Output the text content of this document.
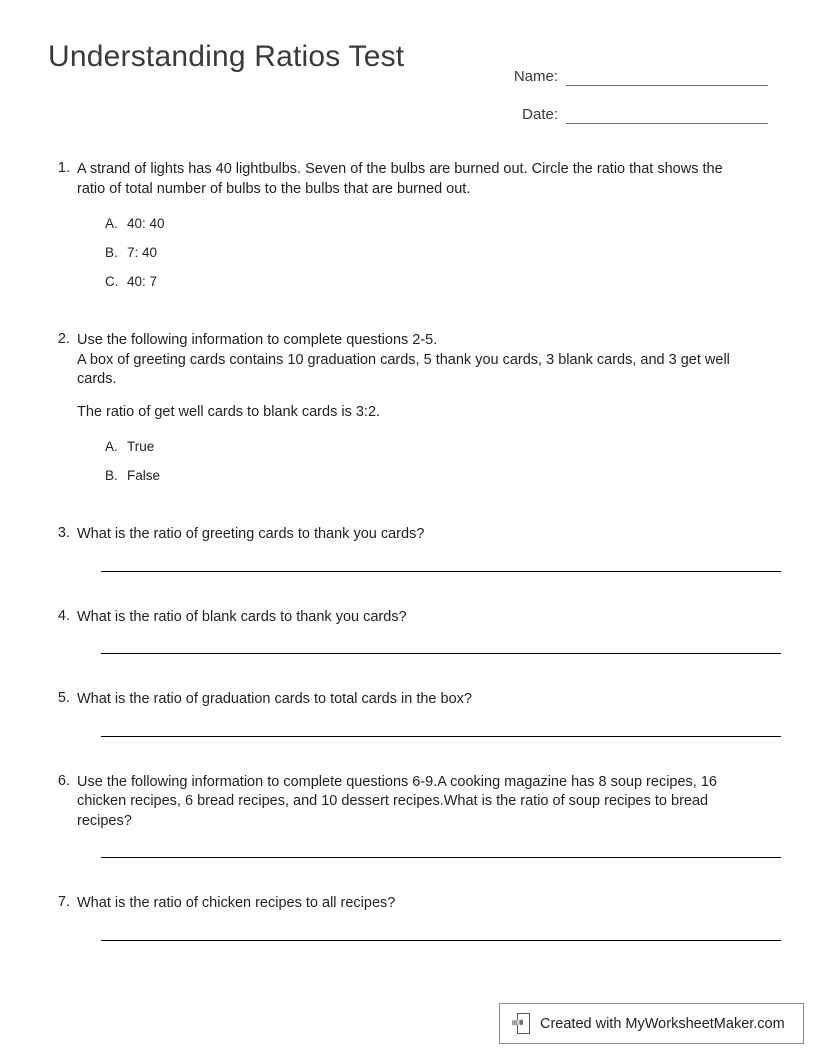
Understanding Ratios Test
Name:
Date:
1. A strand of lights has 40 lightbulbs. Seven of the bulbs are burned out. Circle the ratio that shows the ratio of total number of bulbs to the bulbs that are burned out.
A. 40: 40
B. 7: 40
C. 40: 7
2. Use the following information to complete questions 2-5.
A box of greeting cards contains 10 graduation cards, 5 thank you cards, 3 blank cards, and 3 get well cards.
The ratio of get well cards to blank cards is 3:2.
A. True
B. False
3. What is the ratio of greeting cards to thank you cards?
4. What is the ratio of blank cards to thank you cards?
5. What is the ratio of graduation cards to total cards in the box?
6. Use the following information to complete questions 6-9.A cooking magazine has 8 soup recipes, 16 chicken recipes, 6 bread recipes, and 10 dessert recipes.What is the ratio of soup recipes to bread recipes?
7. What is the ratio of chicken recipes to all recipes?
Created with MyWorksheetMaker.com
